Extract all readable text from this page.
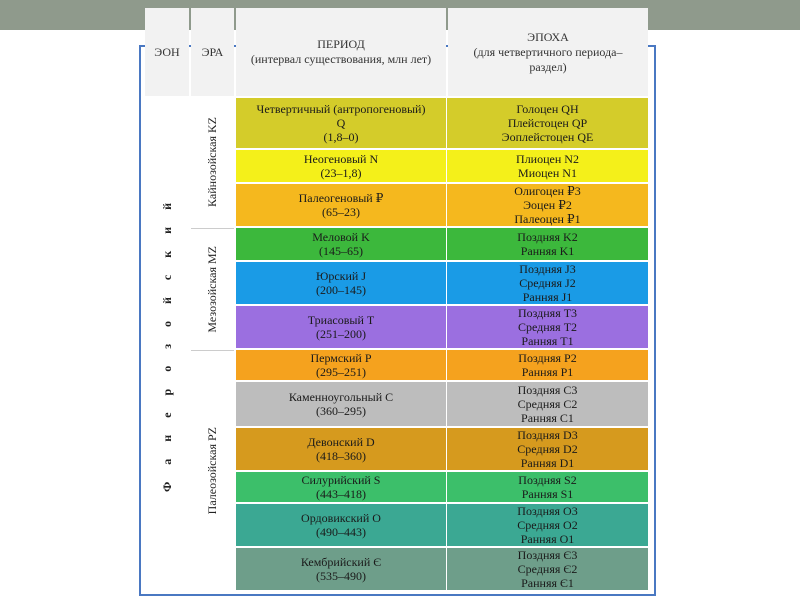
ЭОН ЭРА
ПЕРИОД
(интервал существования, млн лет)
ЭПОХА
(для четвертичного периода– раздел)
Ф а н е р о з о й с к и й
Кайнозойская KZ
Мезозойская MZ
Палеозойская PZ
Четвертичный (антропогеновый)
Q
(1,8–0)
Голоцен QH
Плейстоцен QP
Эоплейстоцен QE
Неогеновый N
(23–1,8)
Плиоцен N2
Миоцен N1
Палеогеновый ₽
(65–23)
Олигоцен ₽3
Эоцен ₽2
Палеоцен ₽1
Меловой K
(145–65)
Поздняя K2
Ранняя K1
Юрский J
(200–145)
Поздняя J3
Средняя J2
Ранняя J1
Триасовый T
(251–200)
Поздняя T3
Средняя T2
Ранняя T1
Пермский P
(295–251)
Поздняя P2
Ранняя P1
Каменноугольный C
(360–295)
Поздняя C3
Средняя C2
Ранняя C1
Девонский D
(418–360)
Поздняя D3
Средняя D2
Ранняя D1
Силурийский S
(443–418)
Поздняя S2
Ранняя S1
Ордовикский O
(490–443)
Поздняя O3
Средняя O2
Ранняя O1
Кембрийский Є
(535–490)
Поздняя Є3
Средняя Є2
Ранняя Є1
